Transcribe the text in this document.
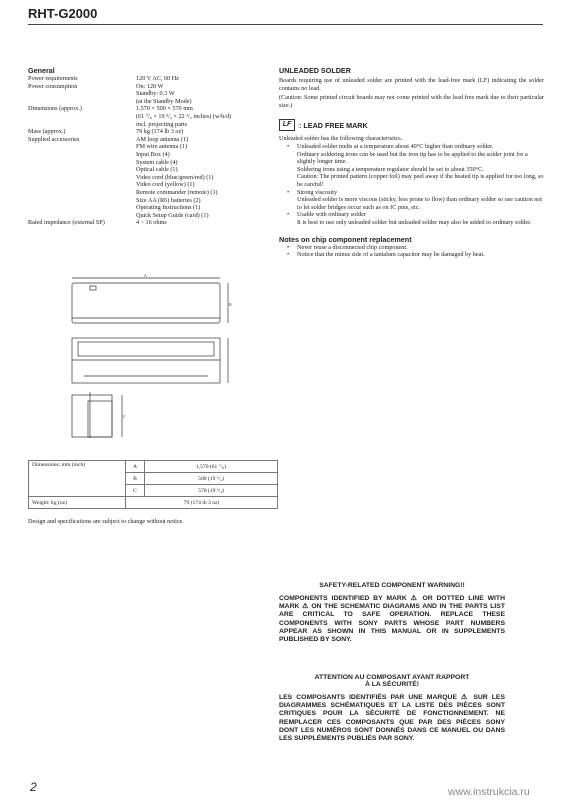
RHT-G2000
General
Power requirements	120 V AC, 60 Hz
Power consumption	On: 120 W
Standby: 0.3 W
(at the Standby Mode)
Dimensions (approx.)	1,570 × 500 × 570 mm
(61 ⁷/₈ × 19 ³/₄ × 22 ¹/₂ inches) (w/h/d)
incl. projecting parts
Mass (approx.)	79 kg (174 lb 3 oz)
Supplied accessories	AM loop antenna (1)
FM wire antenna (1)
Input Box (4)
System cable (4)
Optical cable (1)
Video cord (blue/green/red) (1)
Video cord (yellow) (1)
Remote commander (remote) (1)
Size AA (R6) batteries (2)
Operating Instructions (1)
Quick Setup Guide (card) (1)
Rated impedance (external SP)	4 ~ 16 ohms
A
B
C
Dimensions: mm (inch)	A	1,570 (61 ⁷/₈)
	B	500 (19 ³/₄)
	C	570 (19 ³/₄)
Weight: kg (oz)	79 (174 lb 3 oz)	
Design and specifications are subject to change without notice.
UNLEADED SOLDER
Boards requiring use of unleaded solder are printed with the lead-free mark (LF) indicating the solder contains no lead.
(Caution: Some printed circuit boards may not come printed with the lead free mark due to their particular size.)
LF : LEAD FREE MARK
Unleaded solder has the following characteristics.
• Unleaded solder melts at a temperature about 40°C higher than ordinary solder.
Ordinary soldering irons can be used but the iron tip has to be applied to the solder joint for a slightly longer time.
Soldering irons using a temperature regulator should be set to about 350°C.
Caution: The printed pattern (copper foil) may peel away if the heated tip is applied for too long, so be careful!
• Strong viscosity
Unleaded solder is more viscous (sticky, less prone to flow) than ordinary solder so use caution not to let solder bridges occur such as on IC pins, etc.
• Usable with ordinary solder
It is best to use only unleaded solder but unleaded solder may also be added to ordinary solder.
Notes on chip component replacement
• Never reuse a disconnected chip component.
• Notice that the minus side of a tantalum capacitor may be damaged by heat.
SAFETY-RELATED COMPONENT WARNING!!
COMPONENTS IDENTIFIED BY MARK ⚠ OR DOTTED LINE WITH MARK ⚠ ON THE SCHEMATIC DIAGRAMS AND IN THE PARTS LIST ARE CRITICAL TO SAFE OPERATION. REPLACE THESE COMPONENTS WITH SONY PARTS WHOSE PART NUMBERS APPEAR AS SHOWN IN THIS MANUAL OR IN SUPPLEMENTS PUBLISHED BY SONY.
ATTENTION AU COMPOSANT AYANT RAPPORT
À LA SÉCURITÉ!
LES COMPOSANTS IDENTIFIÉS PAR UNE MARQUE ⚠ SUR LES DIAGRAMMES SCHÉMATIQUES ET LA LISTE DES PIÈCES SONT CRITIQUES POUR LA SÉCURITÉ DE FONCTIONNEMENT. NE REMPLACER CES COMPOSANTS QUE PAR DES PIÈCES SONY DONT LES NUMÉROS SONT DONNÉS DANS CE MANUEL OU DANS LES SUPPLÉMENTS PUBLIÉS PAR SONY.
2	www.instrukcia.ru
